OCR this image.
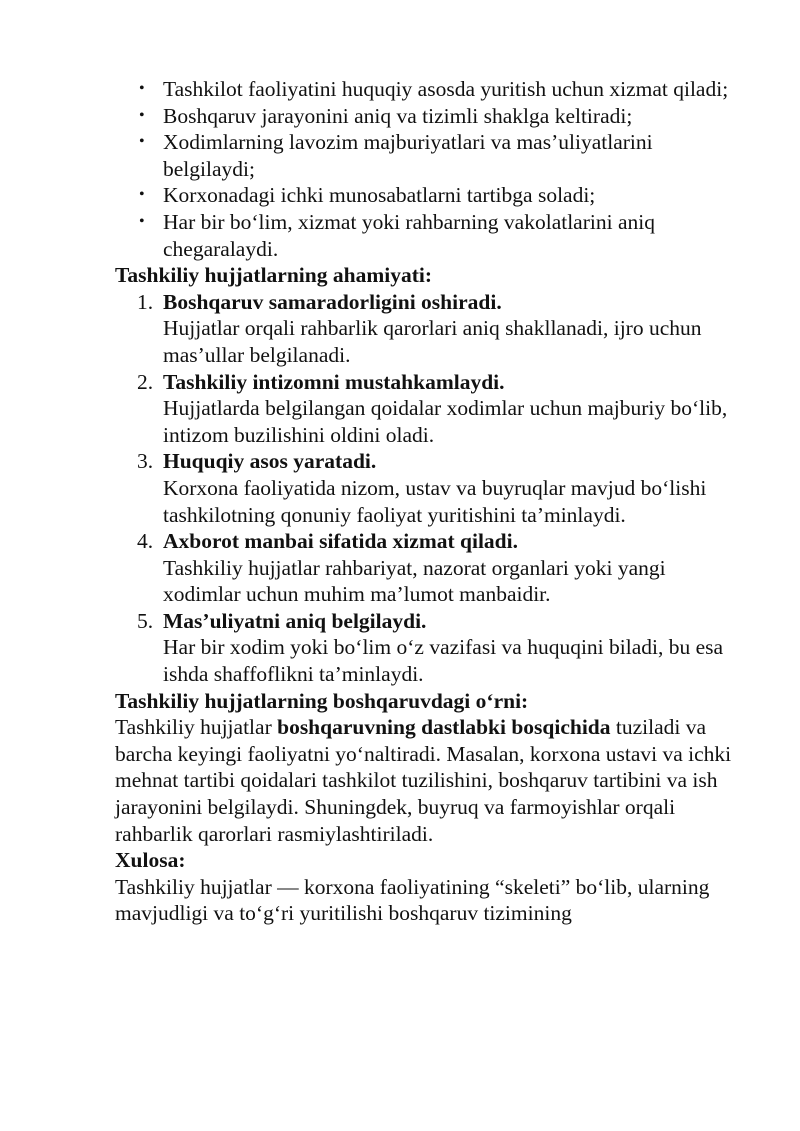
• Tashkilot faoliyatini huquqiy asosda yuritish uchun xizmat qiladi;
• Boshqaruv jarayonini aniq va tizimli shaklga keltiradi;
• Xodimlarning lavozim majburiyatlari va mas’uliyatlarini belgilaydi;
• Korxonadagi ichki munosabatlarni tartibga soladi;
• Har bir bo‘lim, xizmat yoki rahbarning vakolatlarini aniq chegaralaydi.
Tashkiliy hujjatlarning ahamiyati:
1. Boshqaruv samaradorligini oshiradi.
Hujjatlar orqali rahbarlik qarorlari aniq shakllanadi, ijro uchun mas’ullar belgilanadi.
2. Tashkiliy intizomni mustahkamlaydi.
Hujjatlarda belgilangan qoidalar xodimlar uchun majburiy bo‘lib, intizom buzilishini oldini oladi.
3. Huquqiy asos yaratadi.
Korxona faoliyatida nizom, ustav va buyruqlar mavjud bo‘lishi tashkilotning qonuniy faoliyat yuritishini ta’minlaydi.
4. Axborot manbai sifatida xizmat qiladi.
Tashkiliy hujjatlar rahbariyat, nazorat organlari yoki yangi xodimlar uchun muhim ma’lumot manbaidir.
5. Mas’uliyatni aniq belgilaydi.
Har bir xodim yoki bo‘lim o‘z vazifasi va huquqini biladi, bu esa ishda shaffoflikni ta’minlaydi.
Tashkiliy hujjatlarning boshqaruvdagi o‘rni:

Tashkiliy hujjatlar boshqaruvning dastlabki bosqichida tuziladi va barcha keyingi faoliyatni yo‘naltiradi. Masalan, korxona ustavi va ichki mehnat tartibi qoidalari tashkilot tuzilishini, boshqaruv tartibini va ish jarayonini belgilaydi. Shuningdek, buyruq va farmoyishlar orqali rahbarlik qarorlari rasmiylashtiriladi.

Xulosa:

Tashkiliy hujjatlar — korxona faoliyatining “skeleti” bo‘lib, ularning mavjudligi va to‘g‘ri yuritilishi boshqaruv tizimining
